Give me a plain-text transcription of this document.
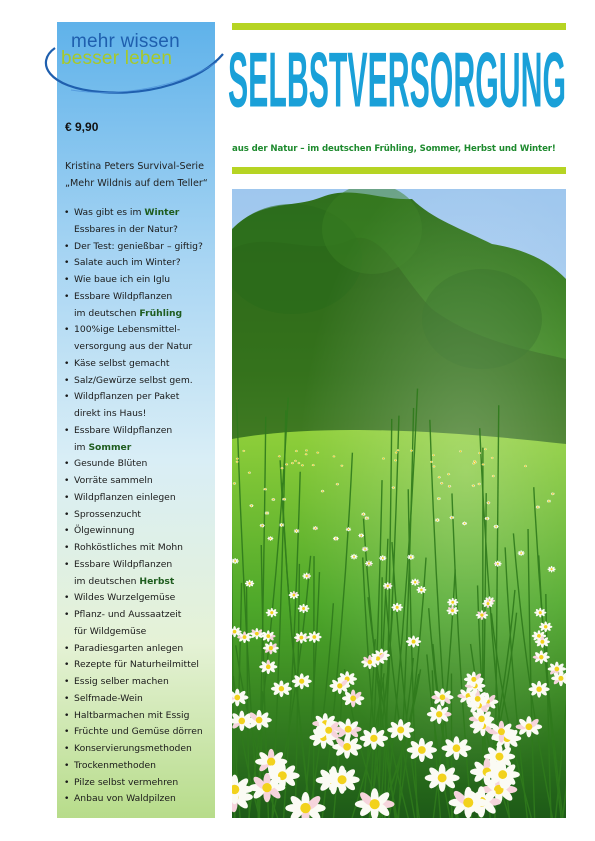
mehr wissen
besser leben
€ 9,90
Kristina Peters Survival-Serie
„Mehr Wildnis auf dem Teller“
• Was gibt es im Winter
Essbares in der Natur?
• Der Test: genießbar – giftig?
• Salate auch im Winter?
• Wie baue ich ein Iglu
• Essbare Wildpflanzen
im deutschen Frühling
• 100%ige Lebensmittel-
versorgung aus der Natur
• Käse selbst gemacht
• Salz/Gewürze selbst gem.
• Wildpflanzen per Paket
direkt ins Haus!
• Essbare Wildpflanzen
im Sommer
• Gesunde Blüten
• Vorräte sammeln
• Wildpflanzen einlegen
• Sprossenzucht
• Ölgewinnung
• Rohköstliches mit Mohn
• Essbare Wildpflanzen
im deutschen Herbst
• Wildes Wurzelgemüse
• Pflanz- und Aussaatzeit
für Wildgemüse
• Paradiesgarten anlegen
• Rezepte für Naturheilmittel
• Essig selber machen
• Selfmade-Wein
• Haltbarmachen mit Essig
• Früchte und Gemüse dörren
• Konservierungsmethoden
• Trockenmethoden
• Pilze selbst vermehren
• Anbau von Waldpilzen
SELBSTVERSORGUNG
aus der Natur – im deutschen Frühling, Sommer, Herbst und Winter!
